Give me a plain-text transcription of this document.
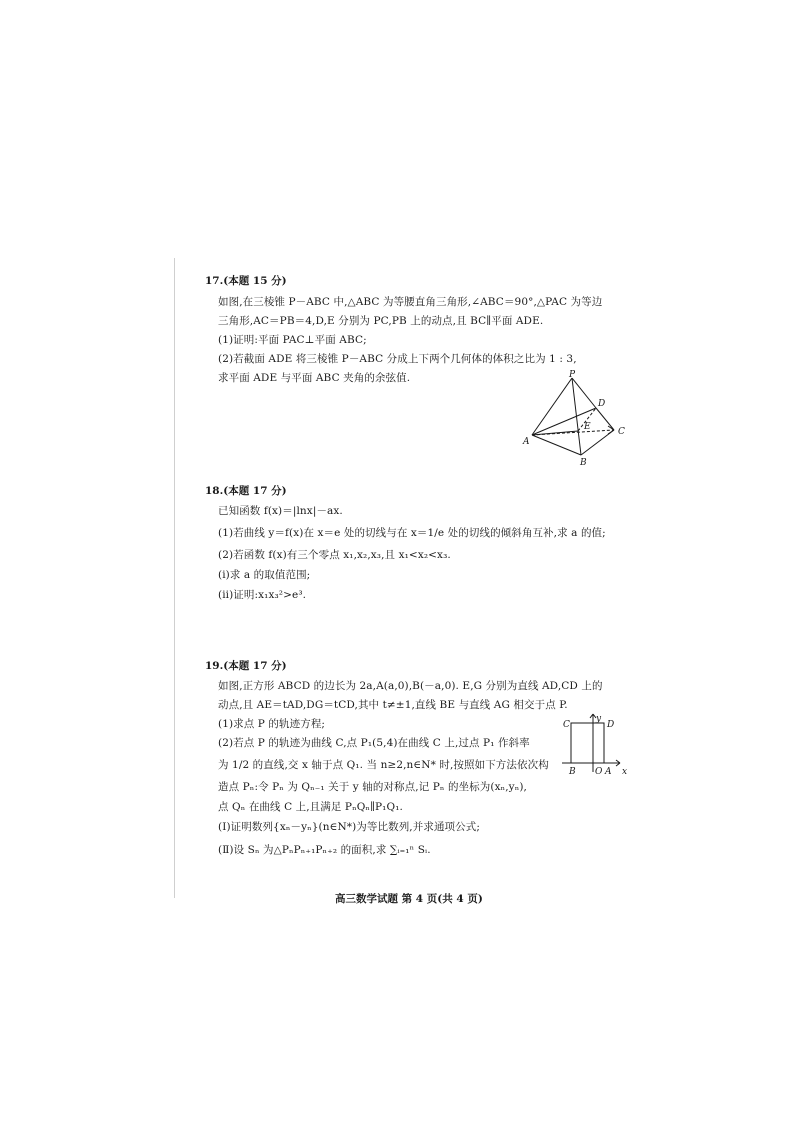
17.(本题 15 分)
如图,在三棱锥 P－ABC 中,△ABC 为等腰直角三角形,∠ABC＝90°,△PAC 为等边
三角形,AC＝PB＝4,D,E 分别为 PC,PB 上的动点,且 BC∥平面 ADE.
(1)证明:平面 PAC⊥平面 ABC;
(2)若截面 ADE 将三棱锥 P－ABC 分成上下两个几何体的体积之比为 1 : 3,
求平面 ADE 与平面 ABC 夹角的余弦值.	P
D
E	C
A
B
18.(本题 17 分)
已知函数 f(x)＝|lnx|－ax.
(1)若曲线 y＝f(x)在 x＝e 处的切线与在 x＝1/e 处的切线的倾斜角互补,求 a 的值;
(2)若函数 f(x)有三个零点 x₁,x₂,x₃,且 x₁<x₂<x₃.
(i)求 a 的取值范围;
(ii)证明:x₁x₃²>e³.
19.(本题 17 分)
如图,正方形 ABCD 的边长为 2a,A(a,0),B(－a,0). E,G 分别为直线 AD,CD 上的
动点,且 AE＝tAD,DG＝tCD,其中 t≠±1,直线 BE 与直线 AG 相交于点 P.
(1)求点 P 的轨迹方程;
(2)若点 P 的轨迹为曲线 C,点 P₁(5,4)在曲线 C 上,过点 P₁ 作斜率
为 1/2 的直线,交 x 轴于点 Q₁. 当 n≥2,n∈N* 时,按照如下方法依次构
造点 Pₙ:令 Pₙ 为 Qₙ₋₁ 关于 y 轴的对称点,记 Pₙ 的坐标为(xₙ,yₙ),
点 Qₙ 在曲线 C 上,且满足 PₙQₙ∥P₁Q₁.
(Ⅰ)证明数列{xₙ－yₙ}(n∈N*)为等比数列,并求通项公式;
(Ⅱ)设 Sₙ 为△PₙPₙ₊₁Pₙ₊₂ 的面积,求 ∑ᵢ₌₁ⁿ Sᵢ.
C	D
y
B O A x
高三数学试题 第 4 页(共 4 页)
